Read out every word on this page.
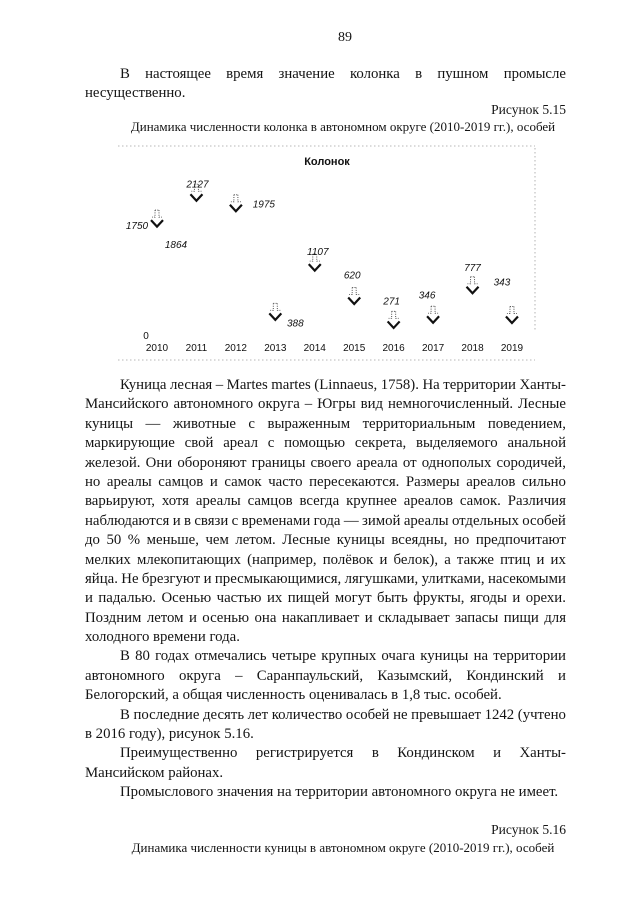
89
В настоящее время значение колонка в пушном промысле
несущественно.
Рисунок 5.15
Динамика численности колонка в автономном округе (2010-2019 гг.), особей
Колонок
0
1864
2010
1750
2011
2127
2012
1975
2013
388
2014
1107
2015
620
2016
271
2017
346
2018
777
2019
343
Куница лесная – Martes martes (Linnaeus, 1758). На территории Ханты-
Мансийского автономного округа – Югры вид немногочисленный. Лесные
куницы — животные с выраженным территориальным поведением,
маркирующие свой ареал с помощью секрета, выделяемого анальной
железой. Они обороняют границы своего ареала от однополых сородичей,
но ареалы самцов и самок часто пересекаются. Размеры ареалов сильно
варьируют, хотя ареалы самцов всегда крупнее ареалов самок. Различия
наблюдаются и в связи с временами года — зимой ареалы отдельных особей
до 50 % меньше, чем летом. Лесные куницы всеядны, но предпочитают
мелких млекопитающих (например, полёвок и белок), а также птиц и их
яйца. Не брезгуют и пресмыкающимися, лягушками, улитками, насекомыми
и падалью. Осенью частью их пищей могут быть фрукты, ягоды и орехи.
Поздним летом и осенью она накапливает и складывает запасы пищи для
холодного времени года.
В 80 годах отмечались четыре крупных очага куницы на территории
автономного округа – Саранпаульский, Казымский, Кондинский и
Белогорский, а общая численность оценивалась в 1,8 тыс. особей.
В последние десять лет количество особей не превышает 1242 (учтено
в 2016 году), рисунок 5.16.
Преимущественно регистрируется в Кондинском и Ханты-
Мансийском районах.
Промыслового значения на территории автономного округа не имеет.
Рисунок 5.16
Динамика численности куницы в автономном округе (2010-2019 гг.), особей
